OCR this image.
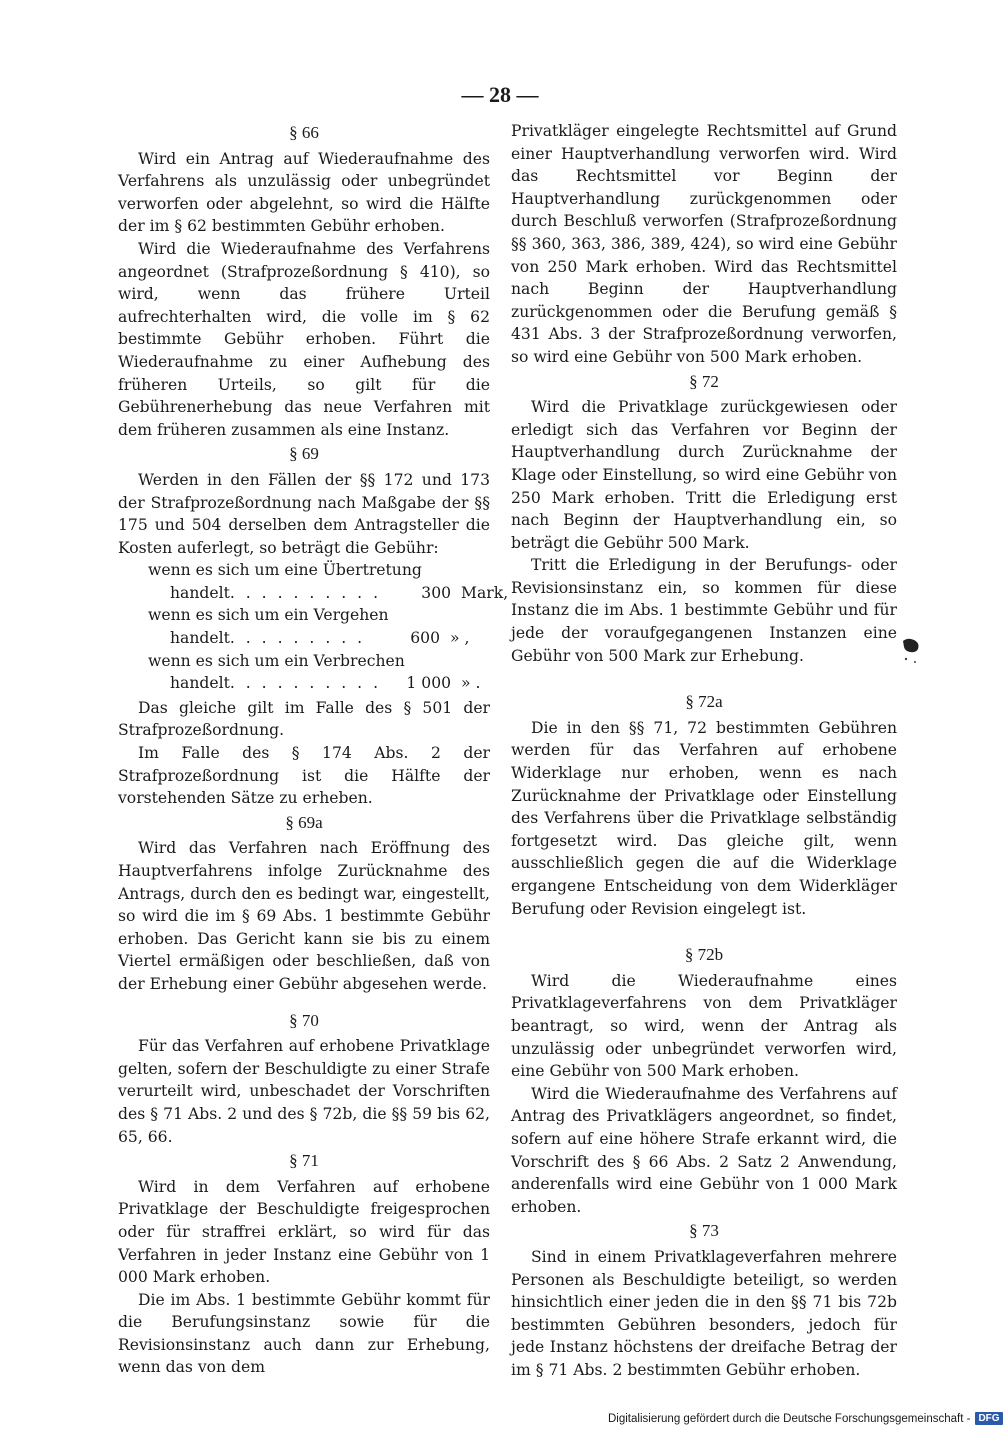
— 28 —
§ 66

Wird ein Antrag auf Wiederaufnahme des Verfahrens als unzulässig oder unbegründet verworfen oder abgelehnt, so wird die Hälfte der im § 62 bestimmten Gebühr erhoben.

Wird die Wiederaufnahme des Verfahrens angeordnet (Strafprozeßordnung § 410), so wird, wenn das frühere Urteil aufrechterhalten wird, die volle im § 62 bestimmte Gebühr erhoben. Führt die Wiederaufnahme zu einer Aufhebung des früheren Urteils, so gilt für die Gebührenerhebung das neue Verfahren mit dem früheren zusammen als eine Instanz.

§ 69

Werden in den Fällen der §§ 172 und 173 der Strafprozeßordnung nach Maßgabe der §§ 175 und 504 derselben dem Antragsteller die Kosten auferlegt, so beträgt die Gebühr:

wenn es sich um eine Übertretung
handelt . . . . . . . . . .	300 Mark,
wenn es sich um ein Vergehen
handelt . . . . . . . . .	600 » ,
wenn es sich um ein Verbrechen
handelt . . . . . . . . . .	1 000 » .

Das gleiche gilt im Falle des § 501 der Strafprozeßordnung.

Im Falle des § 174 Abs. 2 der Strafprozeßordnung ist die Hälfte der vorstehenden Sätze zu erheben.

§ 69a

Wird das Verfahren nach Eröffnung des Hauptverfahrens infolge Zurücknahme des Antrags, durch den es bedingt war, eingestellt, so wird die im § 69 Abs. 1 bestimmte Gebühr erhoben. Das Gericht kann sie bis zu einem Viertel ermäßigen oder beschließen, daß von der Erhebung einer Gebühr abgesehen werde.

§ 70

Für das Verfahren auf erhobene Privatklage gelten, sofern der Beschuldigte zu einer Strafe verurteilt wird, unbeschadet der Vorschriften des § 71 Abs. 2 und des § 72b, die §§ 59 bis 62, 65, 66.

§ 71

Wird in dem Verfahren auf erhobene Privatklage der Beschuldigte freigesprochen oder für straffrei erklärt, so wird für das Verfahren in jeder Instanz eine Gebühr von 1 000 Mark erhoben.

Die im Abs. 1 bestimmte Gebühr kommt für die Berufungsinstanz sowie für die Revisionsinstanz auch dann zur Erhebung, wenn das von dem

Privatkläger eingelegte Rechtsmittel auf Grund einer Hauptverhandlung verworfen wird. Wird das Rechtsmittel vor Beginn der Hauptverhandlung zurückgenommen oder durch Beschluß verworfen (Strafprozeßordnung §§ 360, 363, 386, 389, 424), so wird eine Gebühr von 250 Mark erhoben. Wird das Rechtsmittel nach Beginn der Hauptverhandlung zurückgenommen oder die Berufung gemäß § 431 Abs. 3 der Strafprozeßordnung verworfen, so wird eine Gebühr von 500 Mark erhoben.

§ 72

Wird die Privatklage zurückgewiesen oder erledigt sich das Verfahren vor Beginn der Hauptverhandlung durch Zurücknahme der Klage oder Einstellung, so wird eine Gebühr von 250 Mark erhoben. Tritt die Erledigung erst nach Beginn der Hauptverhandlung ein, so beträgt die Gebühr 500 Mark.

Tritt die Erledigung in der Berufungs- oder Revisionsinstanz ein, so kommen für diese Instanz die im Abs. 1 bestimmte Gebühr und für jede der voraufgegangenen Instanzen eine Gebühr von 500 Mark zur Erhebung.

§ 72a

Die in den §§ 71, 72 bestimmten Gebühren werden für das Verfahren auf erhobene Widerklage nur erhoben, wenn es nach Zurücknahme der Privatklage oder Einstellung des Verfahrens über die Privatklage selbständig fortgesetzt wird. Das gleiche gilt, wenn ausschließlich gegen die auf die Widerklage ergangene Entscheidung von dem Widerkläger Berufung oder Revision eingelegt ist.

§ 72b

Wird die Wiederaufnahme eines Privatklageverfahrens von dem Privatkläger beantragt, so wird, wenn der Antrag als unzulässig oder unbegründet verworfen wird, eine Gebühr von 500 Mark erhoben.

Wird die Wiederaufnahme des Verfahrens auf Antrag des Privatklägers angeordnet, so findet, sofern auf eine höhere Strafe erkannt wird, die Vorschrift des § 66 Abs. 2 Satz 2 Anwendung, anderenfalls wird eine Gebühr von 1 000 Mark erhoben.

§ 73

Sind in einem Privatklageverfahren mehrere Personen als Beschuldigte beteiligt, so werden hinsichtlich einer jeden die in den §§ 71 bis 72b bestimmten Gebühren besonders, jedoch für jede Instanz höchstens der dreifache Betrag der im § 71 Abs. 2 bestimmten Gebühr erhoben.

Digitalisierung gefördert durch die Deutsche Forschungsgemeinschaft - DFG
